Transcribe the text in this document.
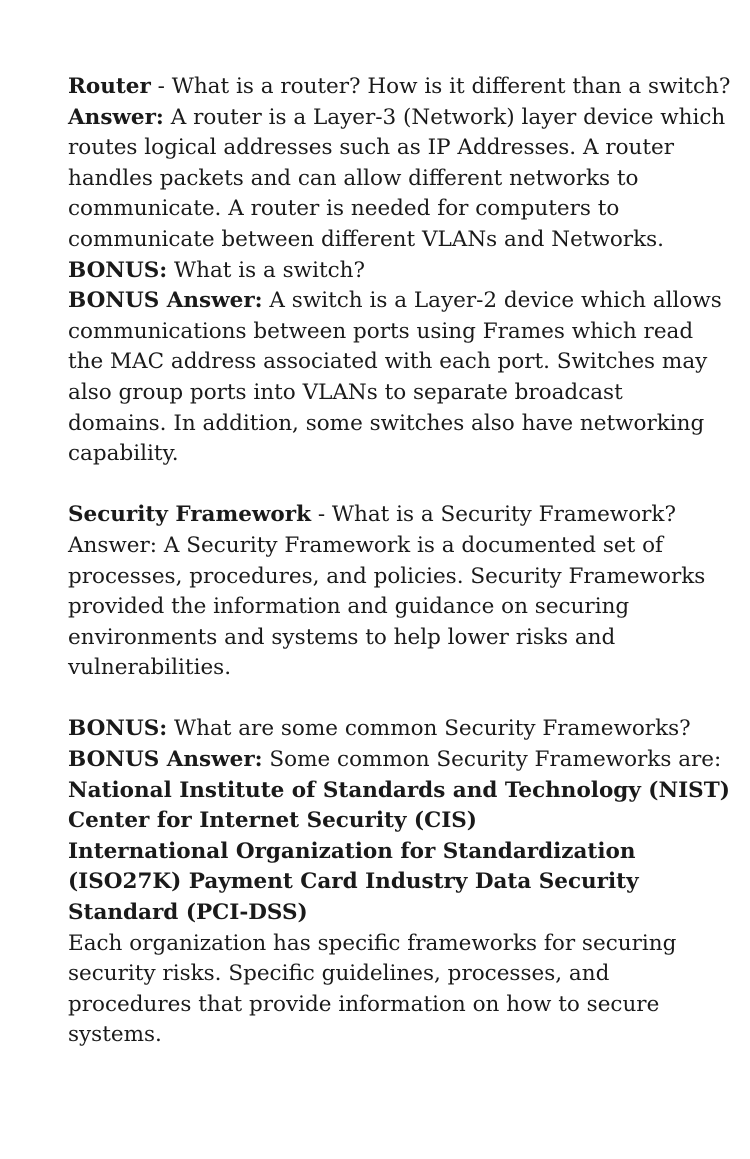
Router - What is a router? How is it different than a switch?
Answer: A router is a Layer-3 (Network) layer device which
routes logical addresses such as IP Addresses. A router
handles packets and can allow different networks to
communicate. A router is needed for computers to
communicate between different VLANs and Networks.
BONUS: What is a switch?
BONUS Answer: A switch is a Layer-2 device which allows
communications between ports using Frames which read
the MAC address associated with each port. Switches may
also group ports into VLANs to separate broadcast
domains. In addition, some switches also have networking
capability.
Security Framework - What is a Security Framework?
Answer: A Security Framework is a documented set of
processes, procedures, and policies. Security Frameworks
provided the information and guidance on securing
environments and systems to help lower risks and
vulnerabilities.
BONUS: What are some common Security Frameworks?
BONUS Answer: Some common Security Frameworks are:
National Institute of Standards and Technology (NIST)
Center for Internet Security (CIS)
International Organization for Standardization
(ISO27K) Payment Card Industry Data Security
Standard (PCI-DSS)
Each organization has specific frameworks for securing
security risks. Specific guidelines, processes, and
procedures that provide information on how to secure
systems.
